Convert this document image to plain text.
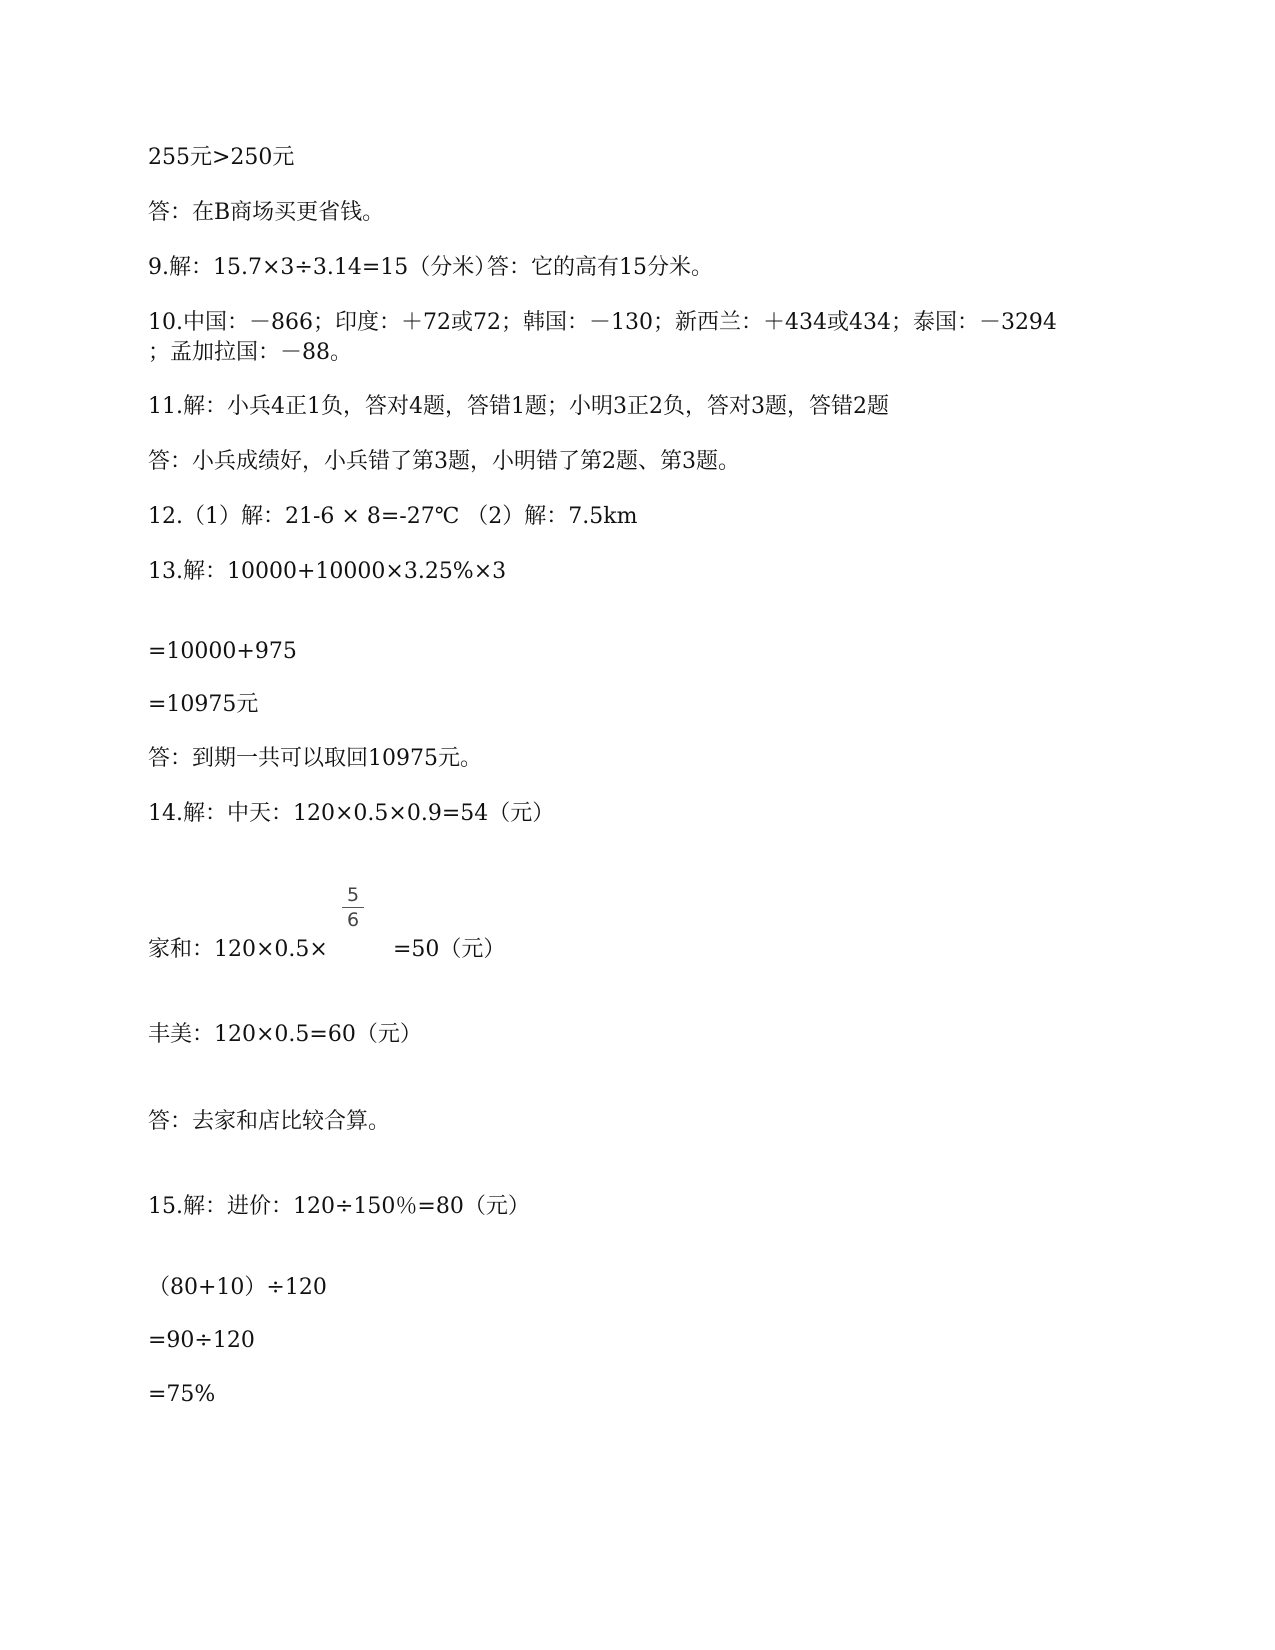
255元>250元
答：在B商场买更省钱。
9.解：15.7×3÷3.14=15（分米）
答：它的高有15分米。
10.中国：－866；印度：＋72或72；韩国：－130；新西兰：＋434或434；泰国：－3294
；孟加拉国：－88。
11.解：小兵4正1负，答对4题，答错1题；小明3正2负，答对3题，答错2题
答：小兵成绩好，小兵错了第3题，小明错了第2题、第3题。
12.（1）解：21-6 × 8=-27℃ （2）解：7.5km
13.解：10000+10000×3.25%×3
=10000+975
=10975元
答：到期一共可以取回10975元。
14.解：中天：120×0.5×0.9=54（元）
家和：120×0.5×
5
6
=50（元）
丰美：120×0.5=60（元）
答：去家和店比较合算。
15.解：进价：120÷150％=80（元）
（80+10）÷120
=90÷120
=75%
